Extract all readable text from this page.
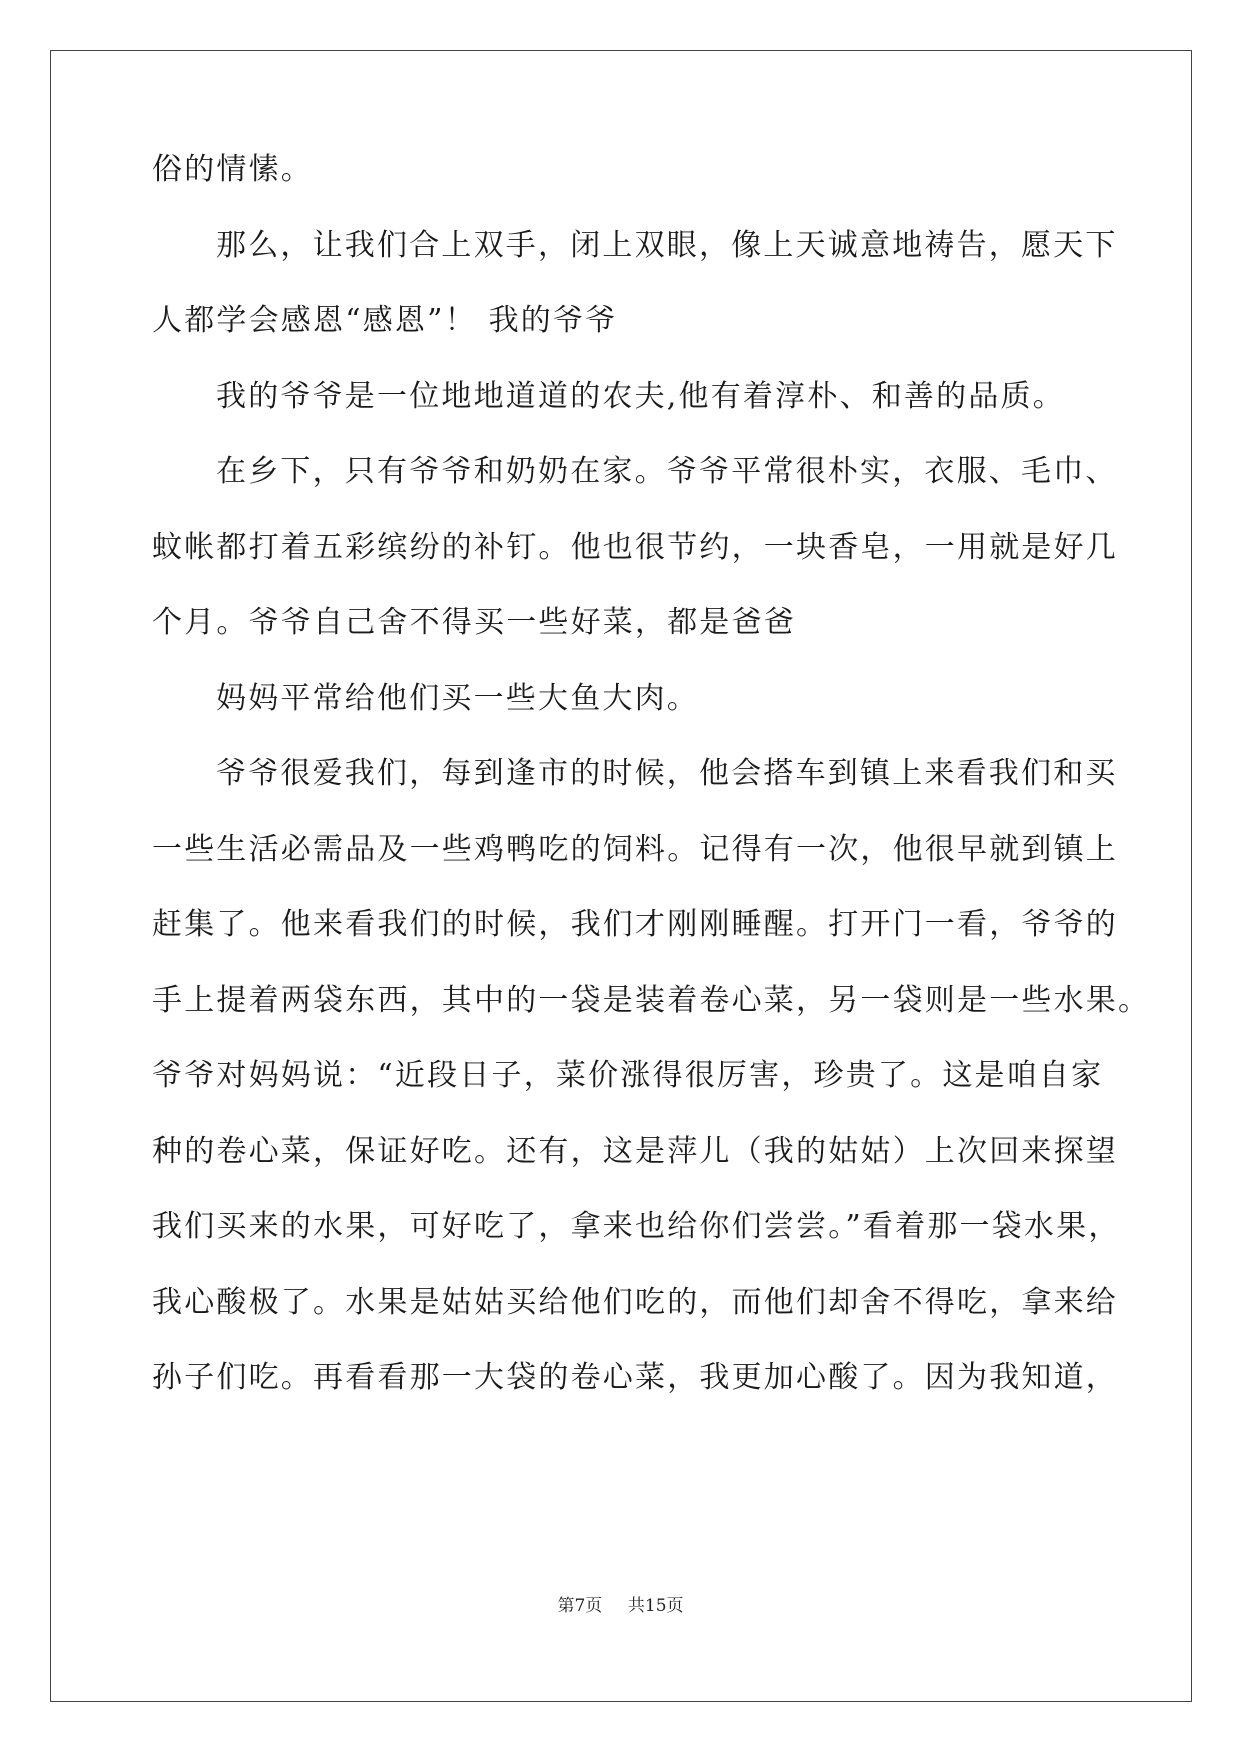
俗的情愫。
那么，让我们合上双手，闭上双眼，像上天诚意地祷告，愿天下
人都学会感恩“感恩”！ 我的爷爷
我的爷爷是一位地地道道的农夫,他有着淳朴、和善的品质。
在乡下，只有爷爷和奶奶在家。爷爷平常很朴实，衣服、毛巾、
蚊帐都打着五彩缤纷的补钉。他也很节约，一块香皂，一用就是好几
个月。爷爷自己舍不得买一些好菜，都是爸爸
妈妈平常给他们买一些大鱼大肉。
爷爷很爱我们，每到逢市的时候，他会搭车到镇上来看我们和买
一些生活必需品及一些鸡鸭吃的饲料。记得有一次，他很早就到镇上
赶集了。他来看我们的时候，我们才刚刚睡醒。打开门一看，爷爷的
手上提着两袋东西，其中的一袋是装着卷心菜，另一袋则是一些水果。
爷爷对妈妈说：“近段日子，菜价涨得很厉害，珍贵了。这是咱自家
种的卷心菜，保证好吃。还有，这是萍儿（我的姑姑）上次回来探望
我们买来的水果，可好吃了，拿来也给你们尝尝。”看着那一袋水果，
我心酸极了。水果是姑姑买给他们吃的，而他们却舍不得吃，拿来给
孙子们吃。再看看那一大袋的卷心菜，我更加心酸了。因为我知道，
第7页 共15页
